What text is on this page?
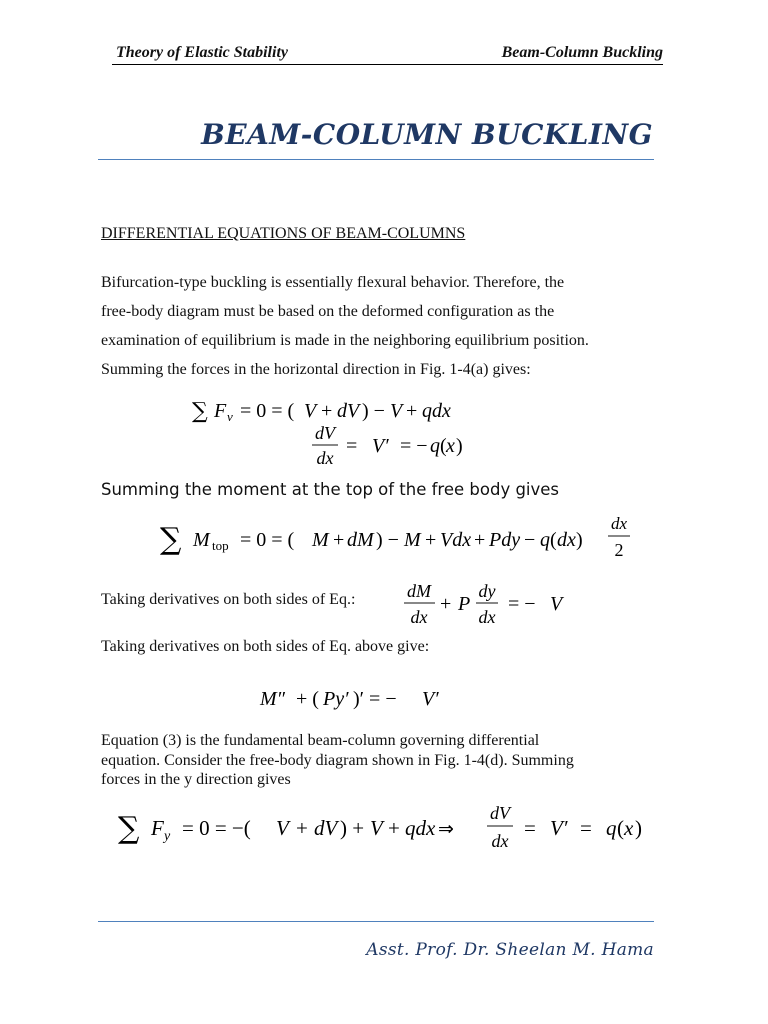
Theory of Elastic Stability	Beam-Column Buckling
BEAM-COLUMN BUCKLING
DIFFERENTIAL EQUATIONS OF BEAM-COLUMNS
Bifurcation-type buckling is essentially flexural behavior. Therefore, the
free-body diagram must be based on the deformed configuration as the
examination of equilibrium is made in the neighboring equilibrium position.
Summing the forces in the horizontal direction in Fig. 1-4(a) gives:
∑ F v = 0 = ( V + dV ) − V + qdx
dV
dx
= V′ = − q ( x )
Summing the moment at the top of the free body gives
∑ M top = 0 = ( M + dM ) − M + Vdx + Pdy − q ( dx )
dx
2
Taking derivatives on both sides of Eq.:	dM
dx
+ P
dy
dx
= − V
Taking derivatives on both sides of Eq. above give:
M″ + ( Py′ )′ = − V′
Equation (3) is the fundamental beam-column governing differential
equation. Consider the free-body diagram shown in Fig. 1-4(d). Summing
forces in the y direction gives
∑ F y = 0 = −( V + dV ) + V + qdx ⇒
dV
dx
= V′ = q ( x )
Asst. Prof. Dr. Sheelan M. Hama
